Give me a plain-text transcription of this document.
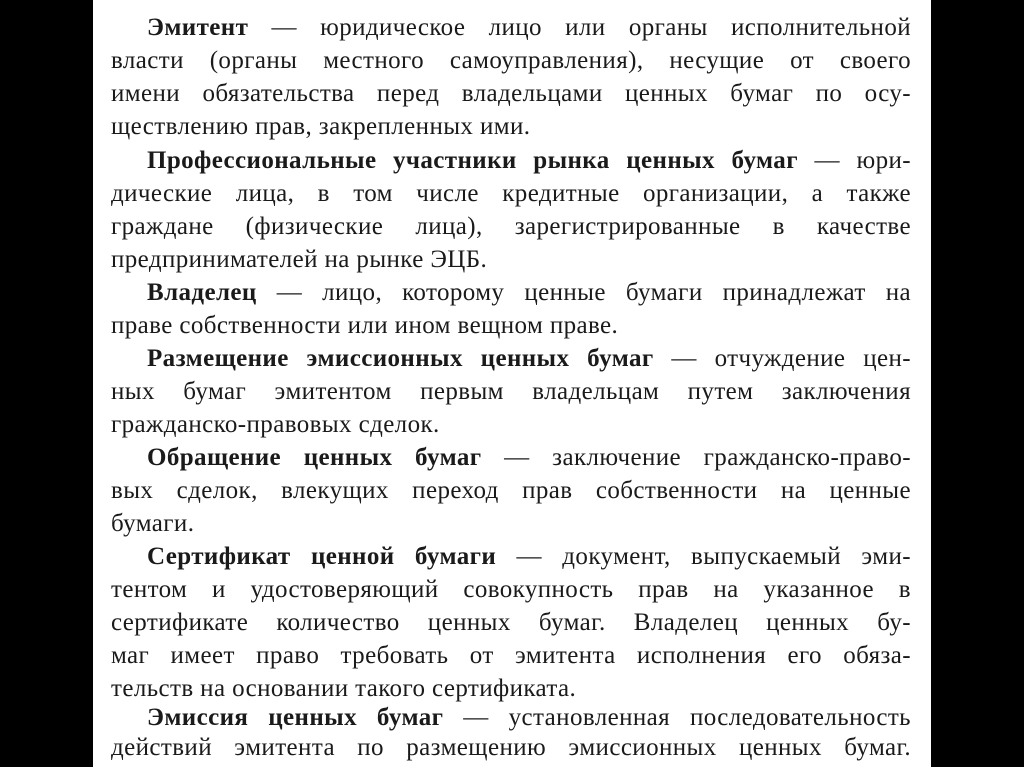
Эмитент — юридическое лицо или органы исполнительной
власти (органы местного самоуправления), несущие от своего
имени обязательства перед владельцами ценных бумаг по осу-
ществлению прав, закрепленных ими.
Профессиональные участники рынка ценных бумаг — юри-
дические лица, в том числе кредитные организации, а также
граждане (физические лица), зарегистрированные в качестве
предпринимателей на рынке ЭЦБ.
Владелец — лицо, которому ценные бумаги принадлежат на
праве собственности или ином вещном праве.
Размещение эмиссионных ценных бумаг — отчуждение цен-
ных бумаг эмитентом первым владельцам путем заключения
гражданско-правовых сделок.
Обращение ценных бумаг — заключение гражданско-право-
вых сделок, влекущих переход прав собственности на ценные
бумаги.
Сертификат ценной бумаги — документ, выпускаемый эми-
тентом и удостоверяющий совокупность прав на указанное в
сертификате количество ценных бумаг. Владелец ценных бу-
маг имеет право требовать от эмитента исполнения его обяза-
тельств на основании такого сертификата.
Эмиссия ценных бумаг — установленная последовательность
действий эмитента по размещению эмиссионных ценных бумаг.
